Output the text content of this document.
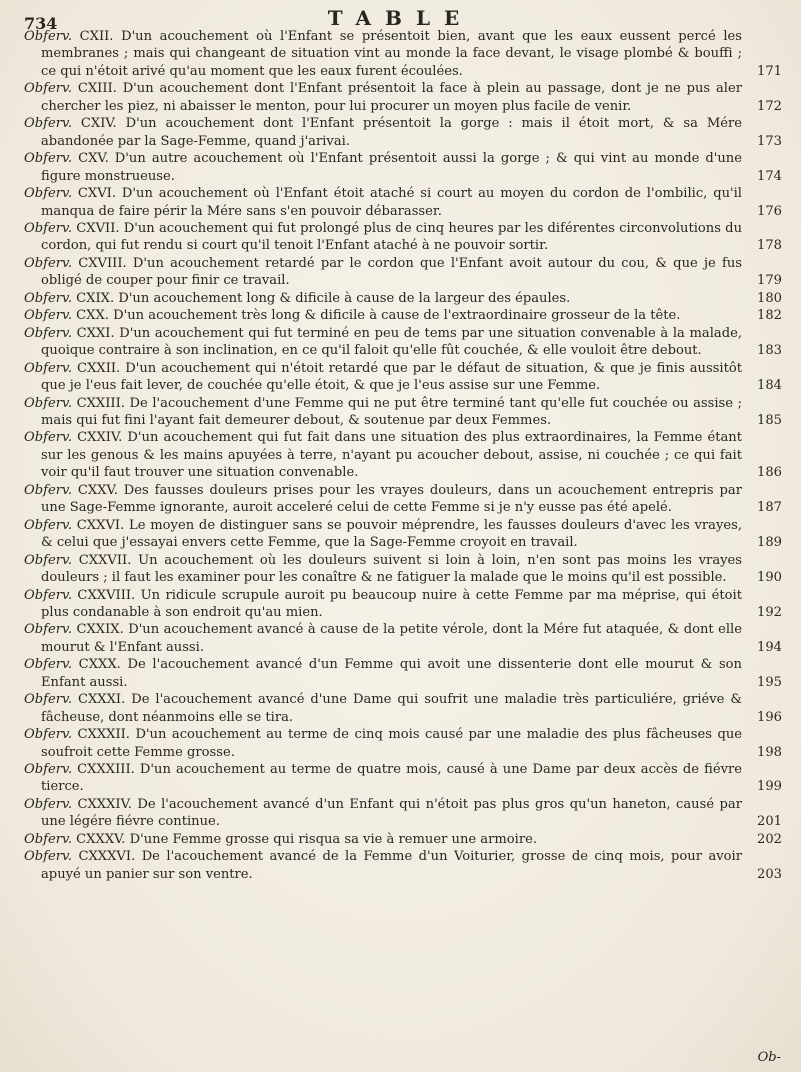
734	TABLE

Obferv. CXII. D'un acouchement où l'Enfant se présentoit bien, avant que les eaux eussent percé les membranes ; mais qui changeant de situation vint au monde la face devant, le visage plombé & bouffi ; ce qui n'étoit arivé qu'au moment que les eaux furent écoulées.	171

Obferv. CXIII. D'un acouchement dont l'Enfant présentoit la face à plein au passage, dont je ne pus aler chercher les piez, ni abaisser le menton, pour lui procurer un moyen plus facile de venir.	172

Obferv. CXIV. D'un acouchement dont l'Enfant présentoit la gorge : mais il étoit mort, & sa Mére abandonée par la Sage-Femme, quand j'arivai.	173

Obferv. CXV. D'un autre acouchement où l'Enfant présentoit aussi la gorge ; & qui vint au monde d'une figure monstrueuse.	174

Obferv. CXVI. D'un acouchement où l'Enfant étoit ataché si court au moyen du cordon de l'ombilic, qu'il manqua de faire périr la Mére sans s'en pouvoir débarasser.	176

Obferv. CXVII. D'un acouchement qui fut prolongé plus de cinq heures par les diférentes circonvolutions du cordon, qui fut rendu si court qu'il tenoit l'Enfant ataché à ne pouvoir sortir.	178

Obferv. CXVIII. D'un acouchement retardé par le cordon que l'Enfant avoit autour du cou, & que je fus obligé de couper pour finir ce travail.	179

Obferv. CXIX. D'un acouchement long & dificile à cause de la largeur des épaules.	180

Obferv. CXX. D'un acouchement très long & dificile à cause de l'extraordinaire grosseur de la tête.	182

Obferv. CXXI. D'un acouchement qui fut terminé en peu de tems par une situation convenable à la malade, quoique contraire à son inclination, en ce qu'il faloit qu'elle fût couchée, & elle vouloit être debout.	183

Obferv. CXXII. D'un acouchement qui n'étoit retardé que par le défaut de situation, & que je finis aussitôt que je l'eus fait lever, de couchée qu'elle étoit, & que je l'eus assise sur une Femme.	184

Obferv. CXXIII. De l'acouchement d'une Femme qui ne put être terminé tant qu'elle fut couchée ou assise ; mais qui fut fini l'ayant fait demeurer debout, & soutenue par deux Femmes.	185

Obferv. CXXIV. D'un acouchement qui fut fait dans une situation des plus extraordinaires, la Femme étant sur les genous & les mains apuyées à terre, n'ayant pu acoucher debout, assise, ni couchée ; ce qui fait voir qu'il faut trouver une situation convenable.	186

Obferv. CXXV. Des fausses douleurs prises pour les vrayes douleurs, dans un acouchement entrepris par une Sage-Femme ignorante, auroit acceleré celui de cette Femme si je n'y eusse pas été apelé.	187

Obferv. CXXVI. Le moyen de distinguer sans se pouvoir méprendre, les fausses douleurs d'avec les vrayes, & celui que j'essayai envers cette Femme, que la Sage-Femme croyoit en travail.	189

Obferv. CXXVII. Un acouchement où les douleurs suivent si loin à loin, n'en sont pas moins les vrayes douleurs ; il faut les examiner pour les conaître & ne fatiguer la malade que le moins qu'il est possible.	190

Obferv. CXXVIII. Un ridicule scrupule auroit pu beaucoup nuire à cette Femme par ma méprise, qui étoit plus condanable à son endroit qu'au mien.	192

Obferv. CXXIX. D'un acouchement avancé à cause de la petite vérole, dont la Mére fut ataquée, & dont elle mourut & l'Enfant aussi.	194

Obferv. CXXX. De l'acouchement avancé d'un Femme qui avoit une dissenterie dont elle mourut & son Enfant aussi.	195

Obferv. CXXXI. De l'acouchement avancé d'une Dame qui soufrit une maladie très particuliére, griéve & fâcheuse, dont néanmoins elle se tira.	196

Obferv. CXXXII. D'un acouchement au terme de cinq mois causé par une maladie des plus fâcheuses que soufroit cette Femme grosse.	198

Obferv. CXXXIII. D'un acouchement au terme de quatre mois, causé à une Dame par deux accès de fiévre tierce.	199

Obferv. CXXXIV. De l'acouchement avancé d'un Enfant qui n'étoit pas plus gros qu'un haneton, causé par une légére fiévre continue.	201

Obferv. CXXXV. D'une Femme grosse qui risqua sa vie à remuer une armoire.	202

Obferv. CXXXVI. De l'acouchement avancé de la Femme d'un Voiturier, grosse de cinq mois, pour avoir apuyé un panier sur son ventre.	203

Ob-
